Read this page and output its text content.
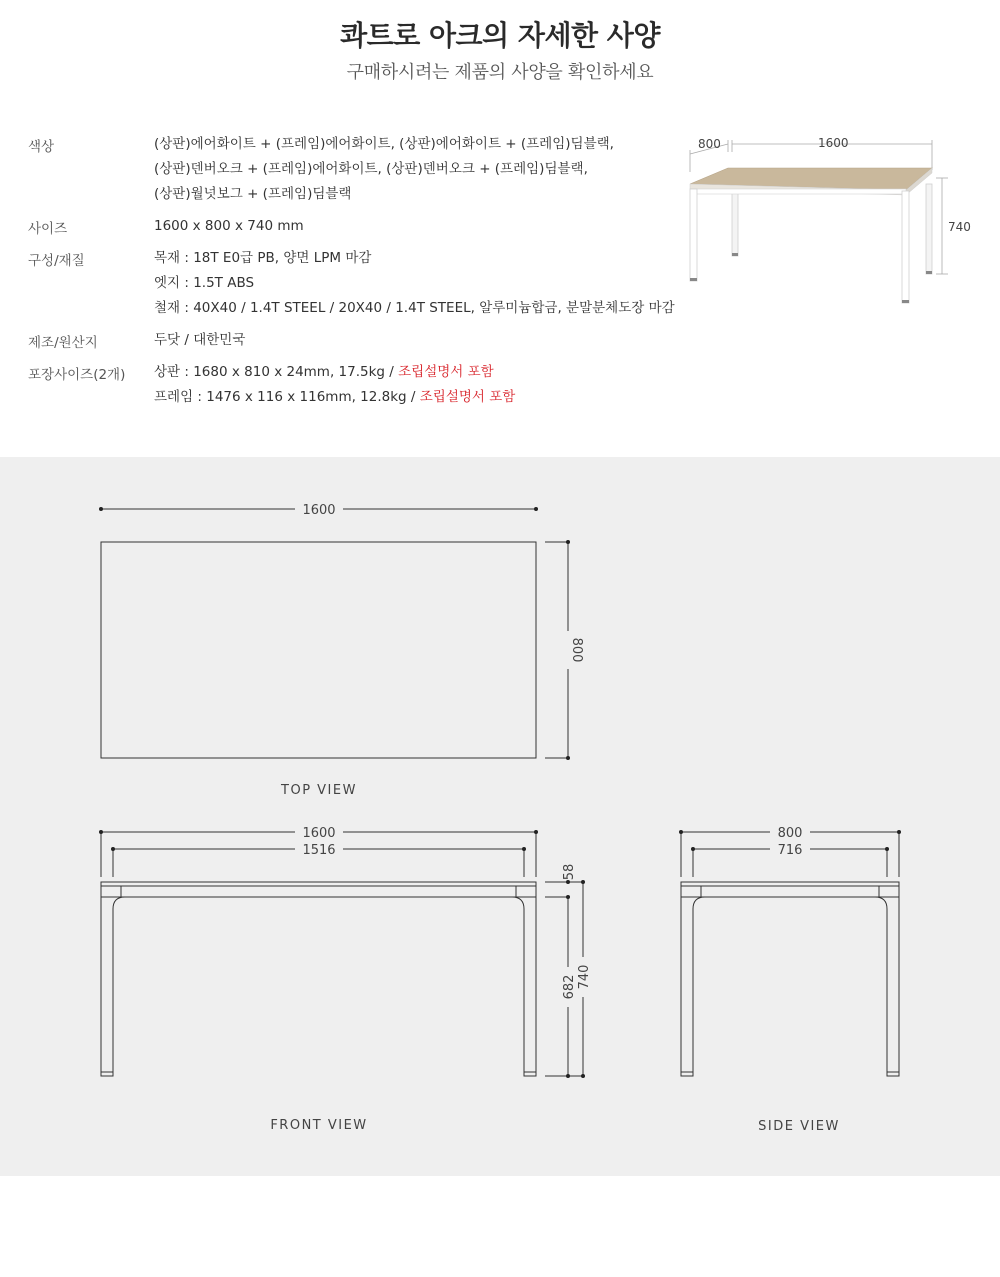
콰트로 아크의 자세한 사양
구매하시려는 제품의 사양을 확인하세요
색상	(상판)에어화이트 + (프레임)에어화이트, (상판)에어화이트 + (프레임)딤블랙,
(상판)덴버오크 + (프레임)에어화이트, (상판)덴버오크 + (프레임)딤블랙,
(상판)월넛보그 + (프레임)딤블랙
사이즈	1600 x 800 x 740 mm
구성/재질	목재 : 18T E0급 PB, 양면 LPM 마감
엣지 : 1.5T ABS
철재 : 40X40 / 1.4T STEEL / 20X40 / 1.4T STEEL, 알루미늄합금, 분말분체도장 마감
제조/원산지	두닷 / 대한민국
포장사이즈(2개)	상판 : 1680 x 810 x 24mm, 17.5kg / 조립설명서 포함
프레임 : 1476 x 116 x 116mm, 12.8kg / 조립설명서 포함
800	1600
740
1600
800
TOP VIEW
1600
1516
58
682 740
FRONT VIEW
800
716
SIDE VIEW
